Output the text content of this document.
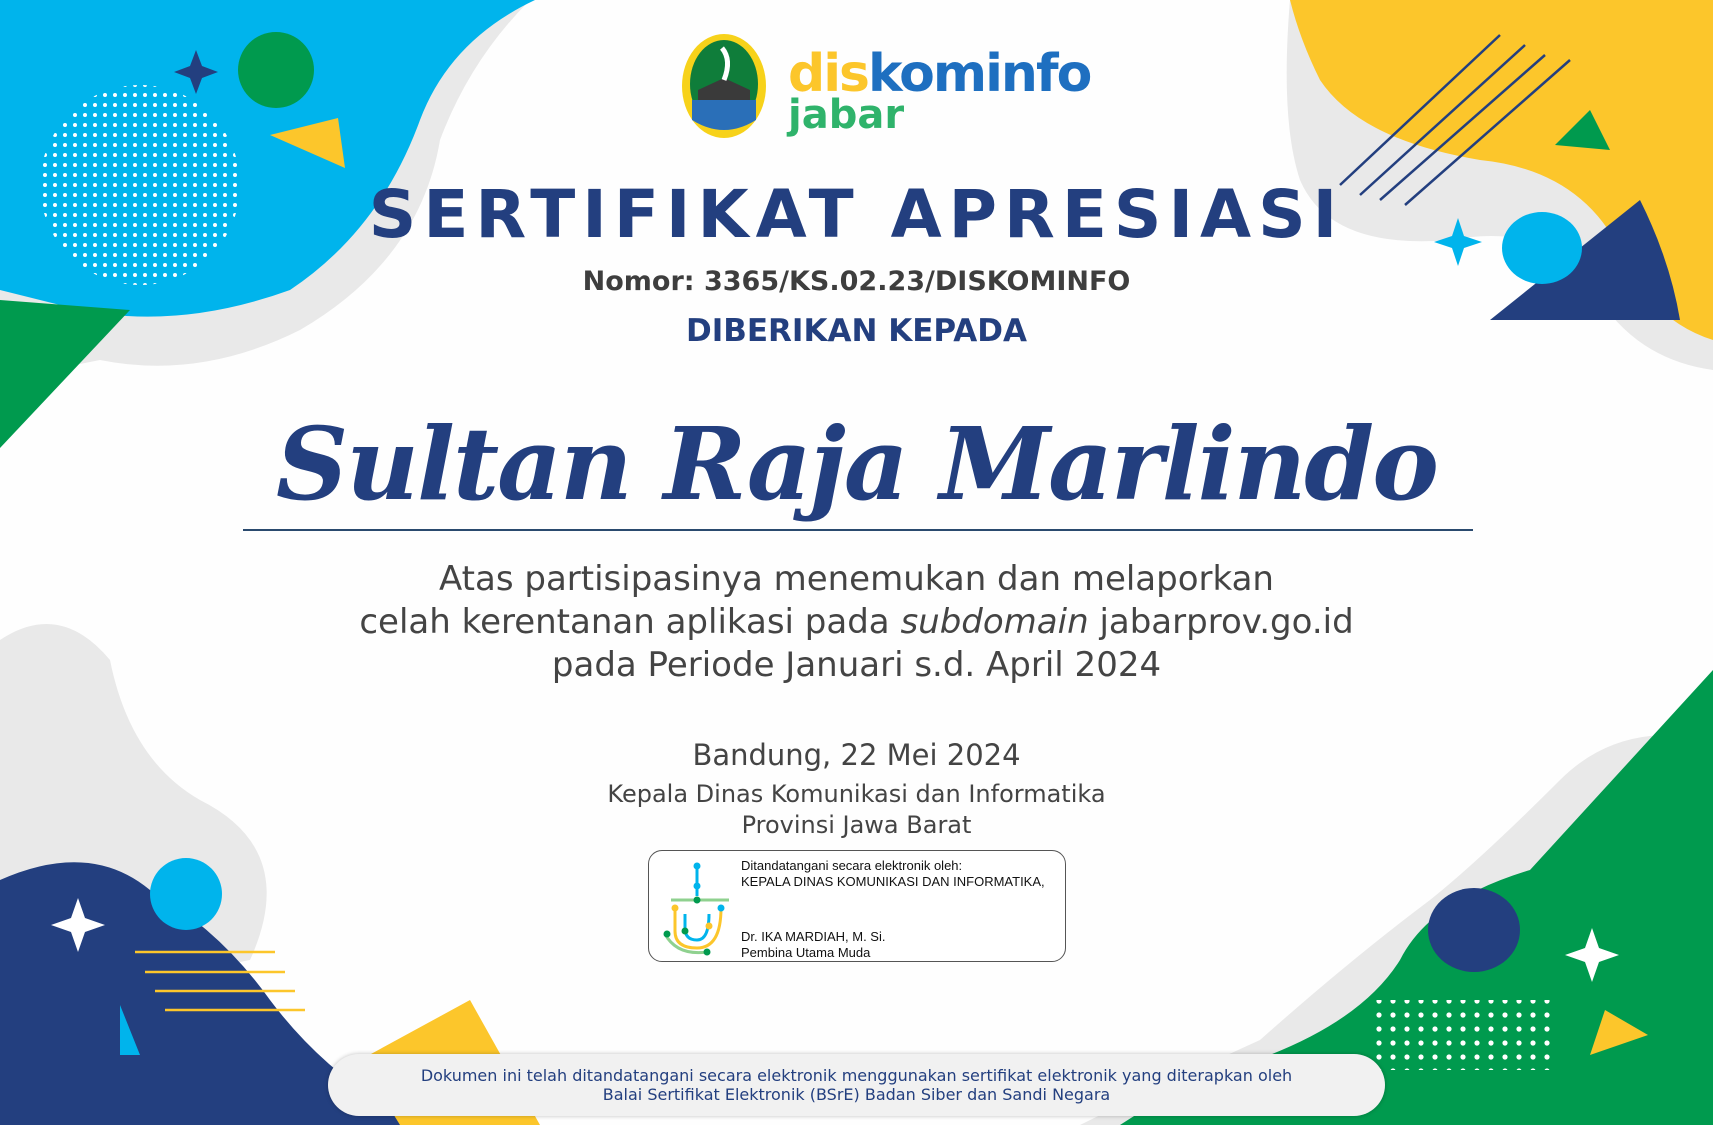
diskominfo
jabar
SERTIFIKAT APRESIASI
Nomor: 3365/KS.02.23/DISKOMINFO
DIBERIKAN KEPADA
Sultan Raja Marlindo
Atas partisipasinya menemukan dan melaporkan
celah kerentanan aplikasi pada subdomain jabarprov.go.id
pada Periode Januari s.d. April 2024
Bandung, 22 Mei 2024
Kepala Dinas Komunikasi dan Informatika
Provinsi Jawa Barat
Ditandatangani secara elektronik oleh:
KEPALA DINAS KOMUNIKASI DAN INFORMATIKA,
Dr. IKA MARDIAH, M. Si.
Pembina Utama Muda
Dokumen ini telah ditandatangani secara elektronik menggunakan sertifikat elektronik yang diterapkan oleh
Balai Sertifikat Elektronik (BSrE) Badan Siber dan Sandi Negara
